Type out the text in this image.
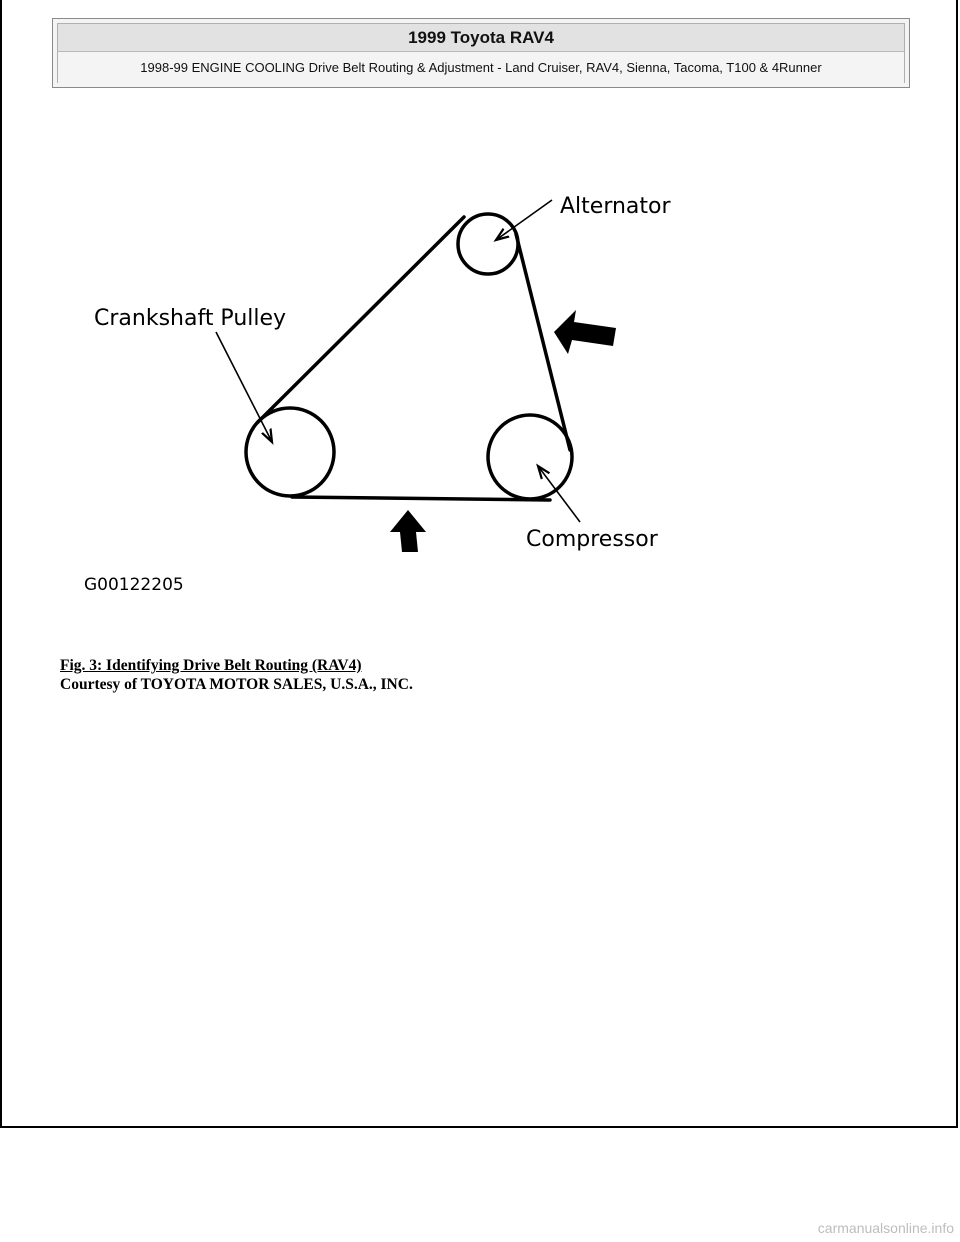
1999 Toyota RAV4
1998-99 ENGINE COOLING Drive Belt Routing & Adjustment - Land Cruiser, RAV4, Sienna, Tacoma, T100 & 4Runner
Alternator
Crankshaft Pulley
Compressor
G00122205
Fig. 3: Identifying Drive Belt Routing (RAV4)
Courtesy of TOYOTA MOTOR SALES, U.S.A., INC.
carmanualsonline.info
